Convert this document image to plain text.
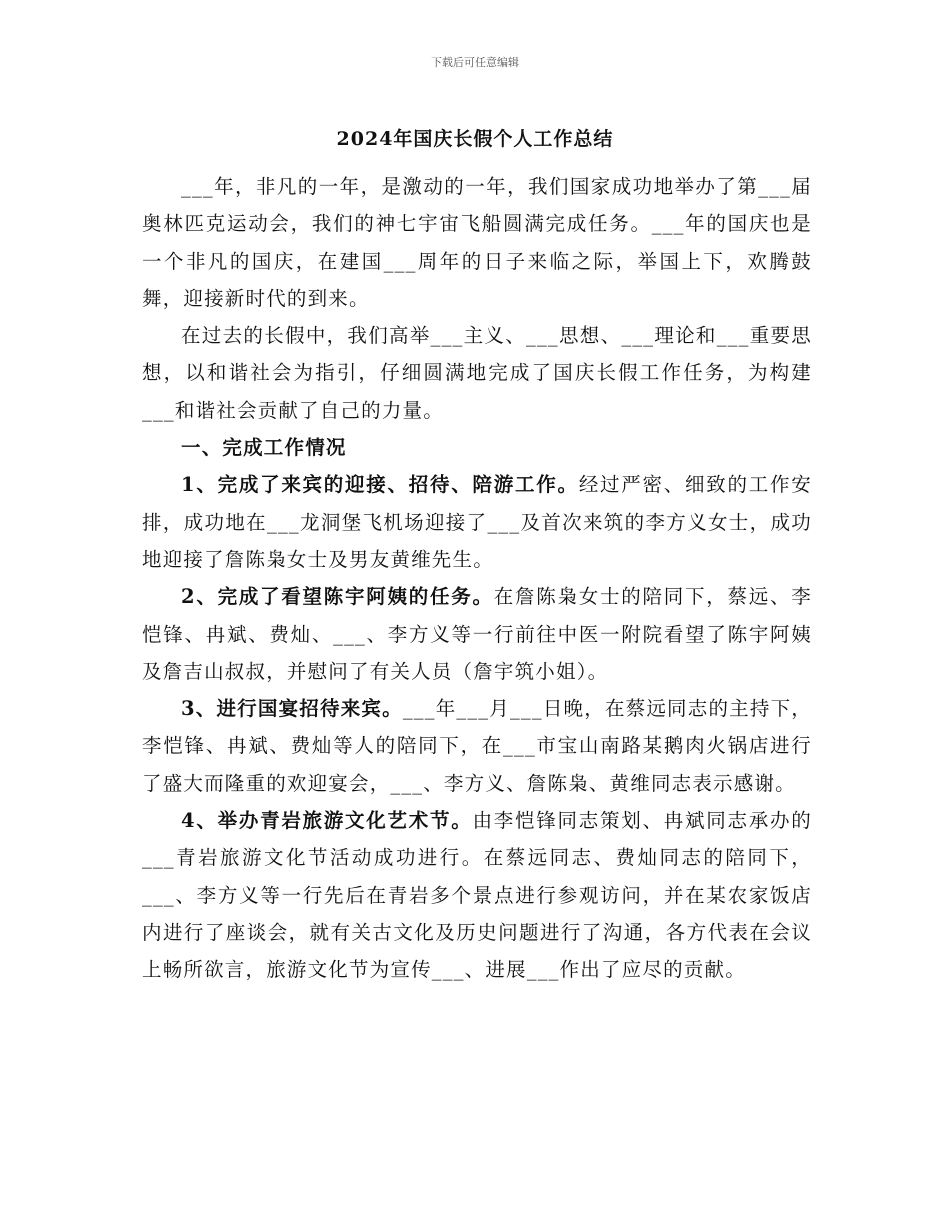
下载后可任意编辑
2024年国庆长假个人工作总结

___年，非凡的一年，是激动的一年，我们国家成功地举办了第___届奥林匹克运动会，我们的神七宇宙飞船圆满完成任务。___年的国庆也是一个非凡的国庆，在建国___周年的日子来临之际，举国上下，欢腾鼓舞，迎接新时代的到来。

在过去的长假中，我们高举___主义、___思想、___理论和___重要思想，以和谐社会为指引，仔细圆满地完成了国庆长假工作任务，为构建___和谐社会贡献了自己的力量。

一、完成工作情况

1、完成了来宾的迎接、招待、陪游工作。经过严密、细致的工作安排，成功地在___龙洞堡飞机场迎接了___及首次来筑的李方义女士，成功地迎接了詹陈枭女士及男友黄维先生。

2、完成了看望陈宇阿姨的任务。在詹陈枭女士的陪同下，蔡远、李恺锋、冉斌、费灿、___、李方义等一行前往中医一附院看望了陈宇阿姨及詹吉山叔叔，并慰问了有关人员（詹宇筑小姐）。

3、进行国宴招待来宾。___年___月___日晚，在蔡远同志的主持下，李恺锋、冉斌、费灿等人的陪同下，在___市宝山南路某鹅肉火锅店进行了盛大而隆重的欢迎宴会，___、李方义、詹陈枭、黄维同志表示感谢。

4、举办青岩旅游文化艺术节。由李恺锋同志策划、冉斌同志承办的___青岩旅游文化节活动成功进行。在蔡远同志、费灿同志的陪同下，___、李方义等一行先后在青岩多个景点进行参观访问，并在某农家饭店内进行了座谈会，就有关古文化及历史问题进行了沟通，各方代表在会议上畅所欲言，旅游文化节为宣传___、进展___作出了应尽的贡献。
